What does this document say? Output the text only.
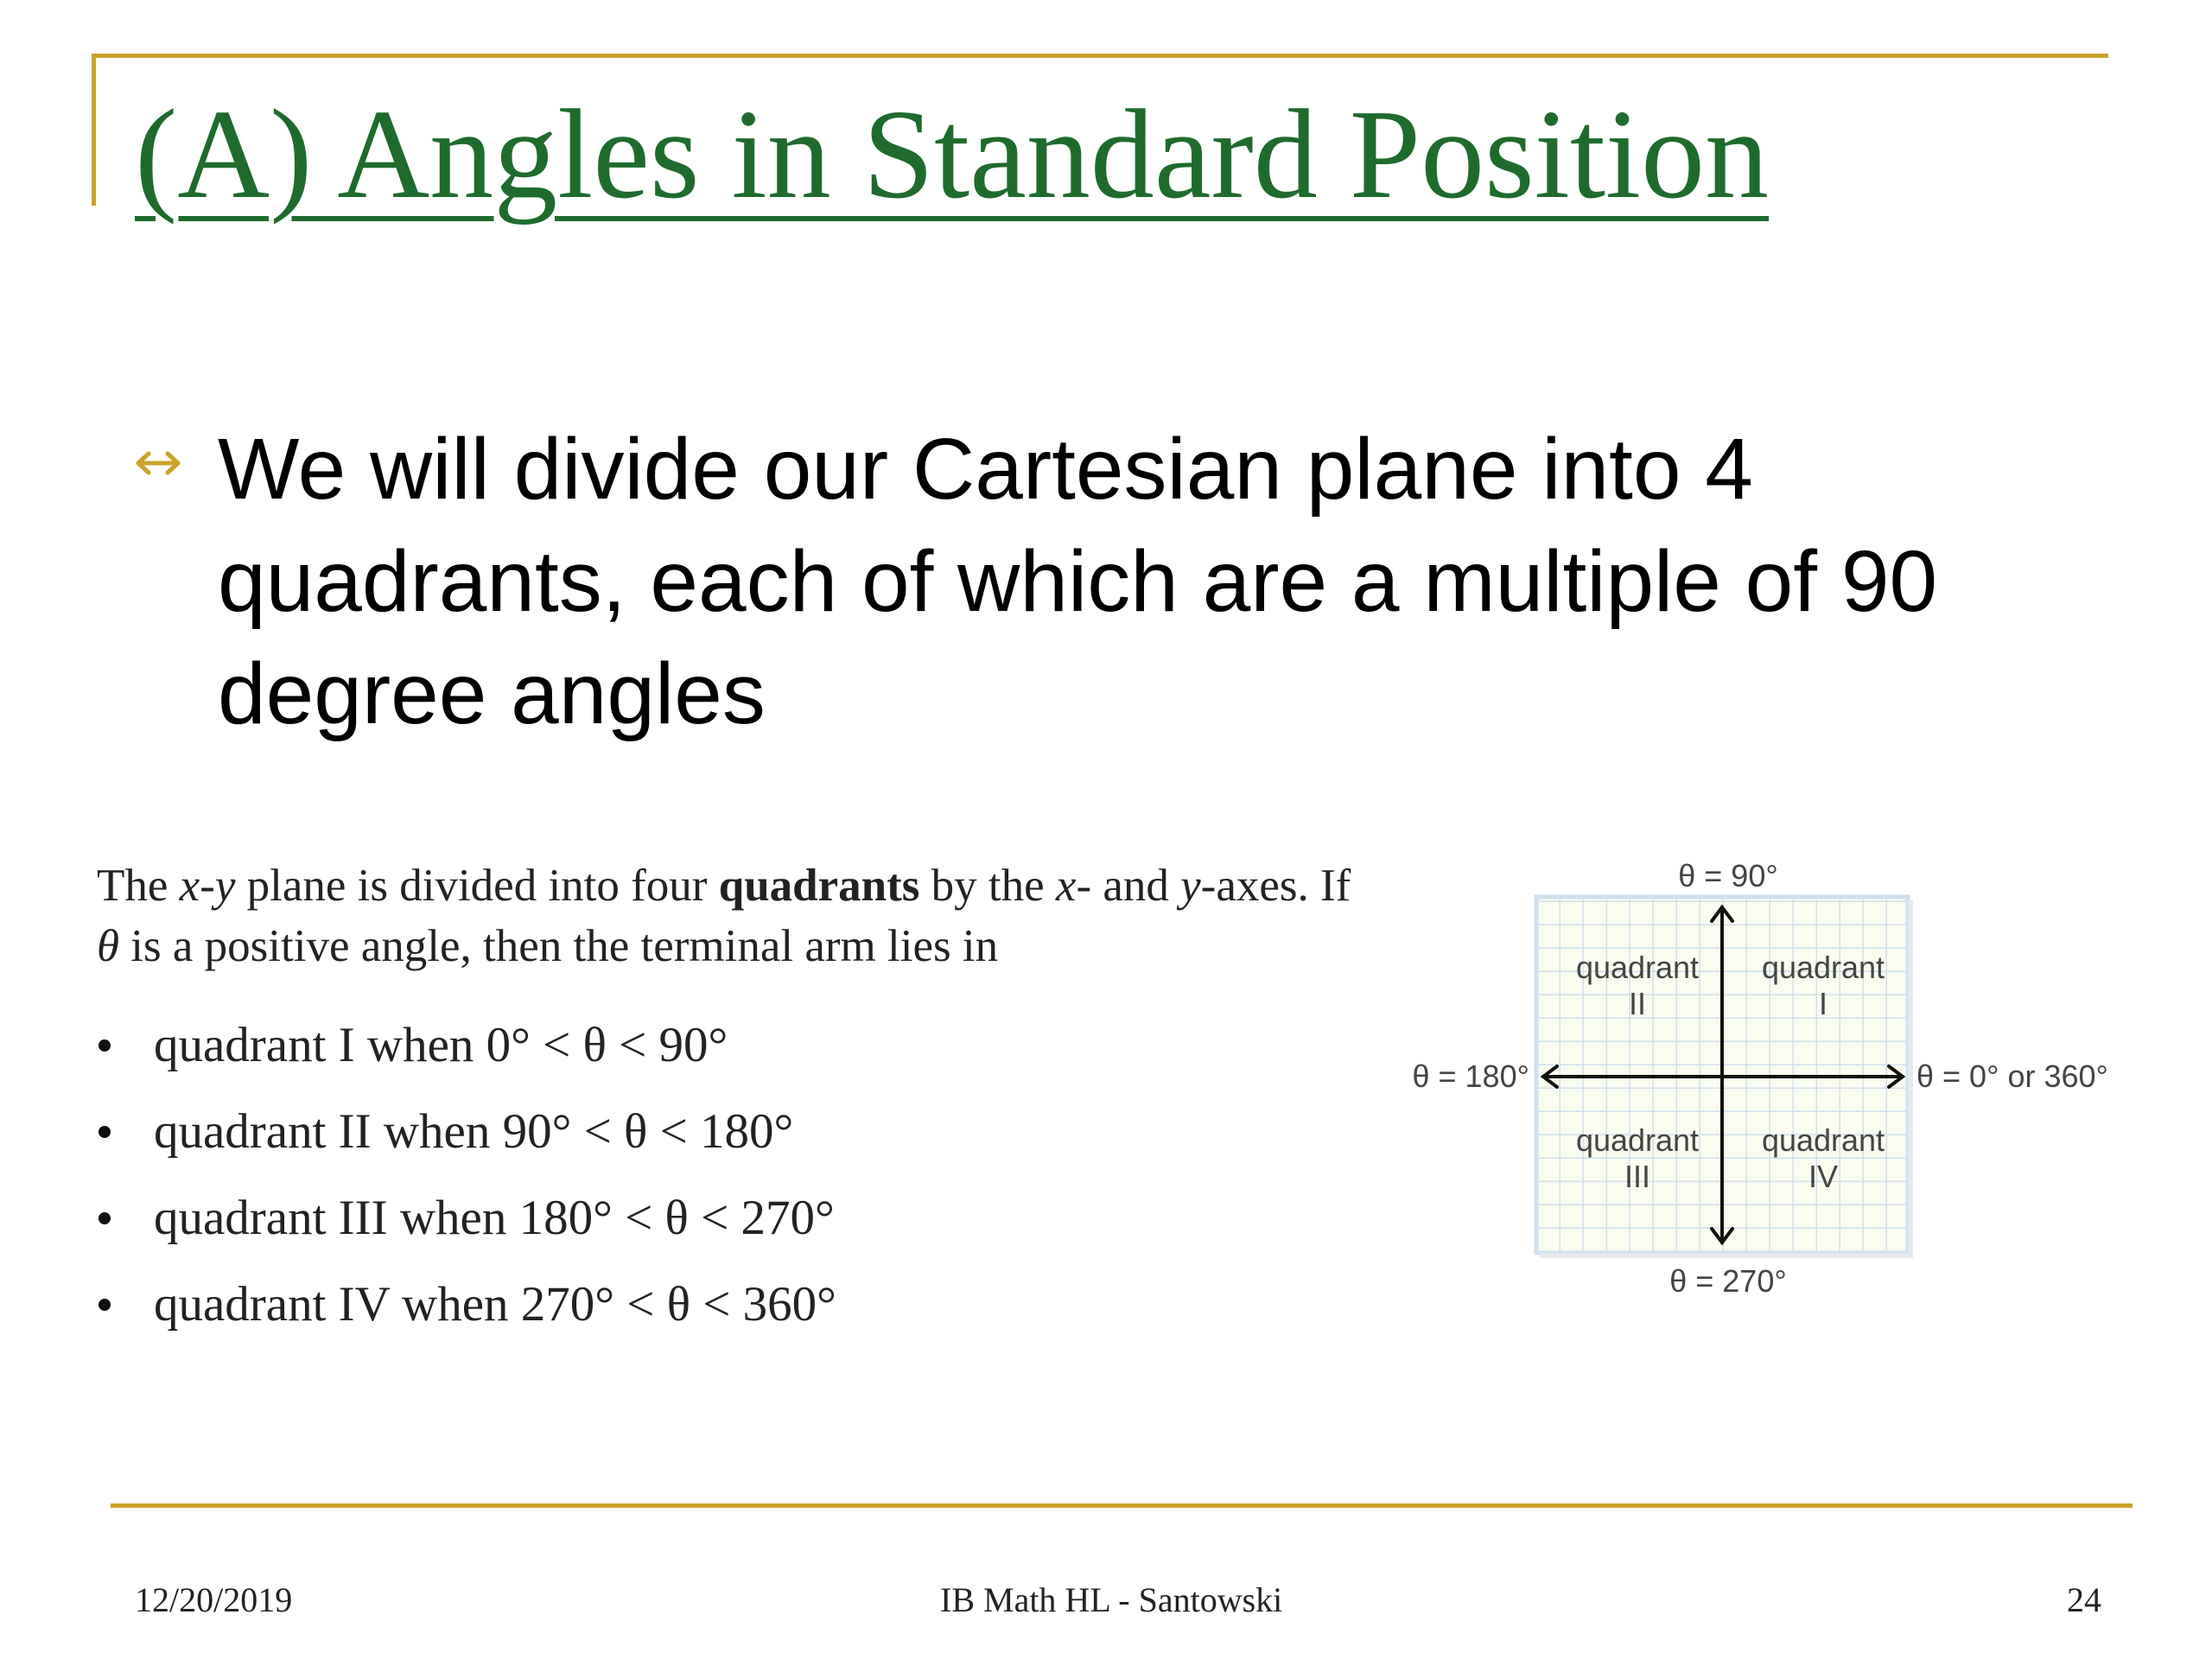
(A) Angles in Standard Position
We will divide our Cartesian plane into 4 quadrants, each of which are a multiple of 90 degree angles
The x-y plane is divided into four quadrants by the x- and y-axes. If θ is a positive angle, then the terminal arm lies in
quadrant I when 0° < θ < 90°
quadrant II when 90° < θ < 180°
quadrant III when 180° < θ < 270°
quadrant IV when 270° < θ < 360°
quadrant
II
quadrant
I
quadrant
III
quadrant
IV
θ = 90°
θ = 270°
θ = 180°	θ = 0° or 360°
12/20/2019	IB Math HL - Santowski	24
